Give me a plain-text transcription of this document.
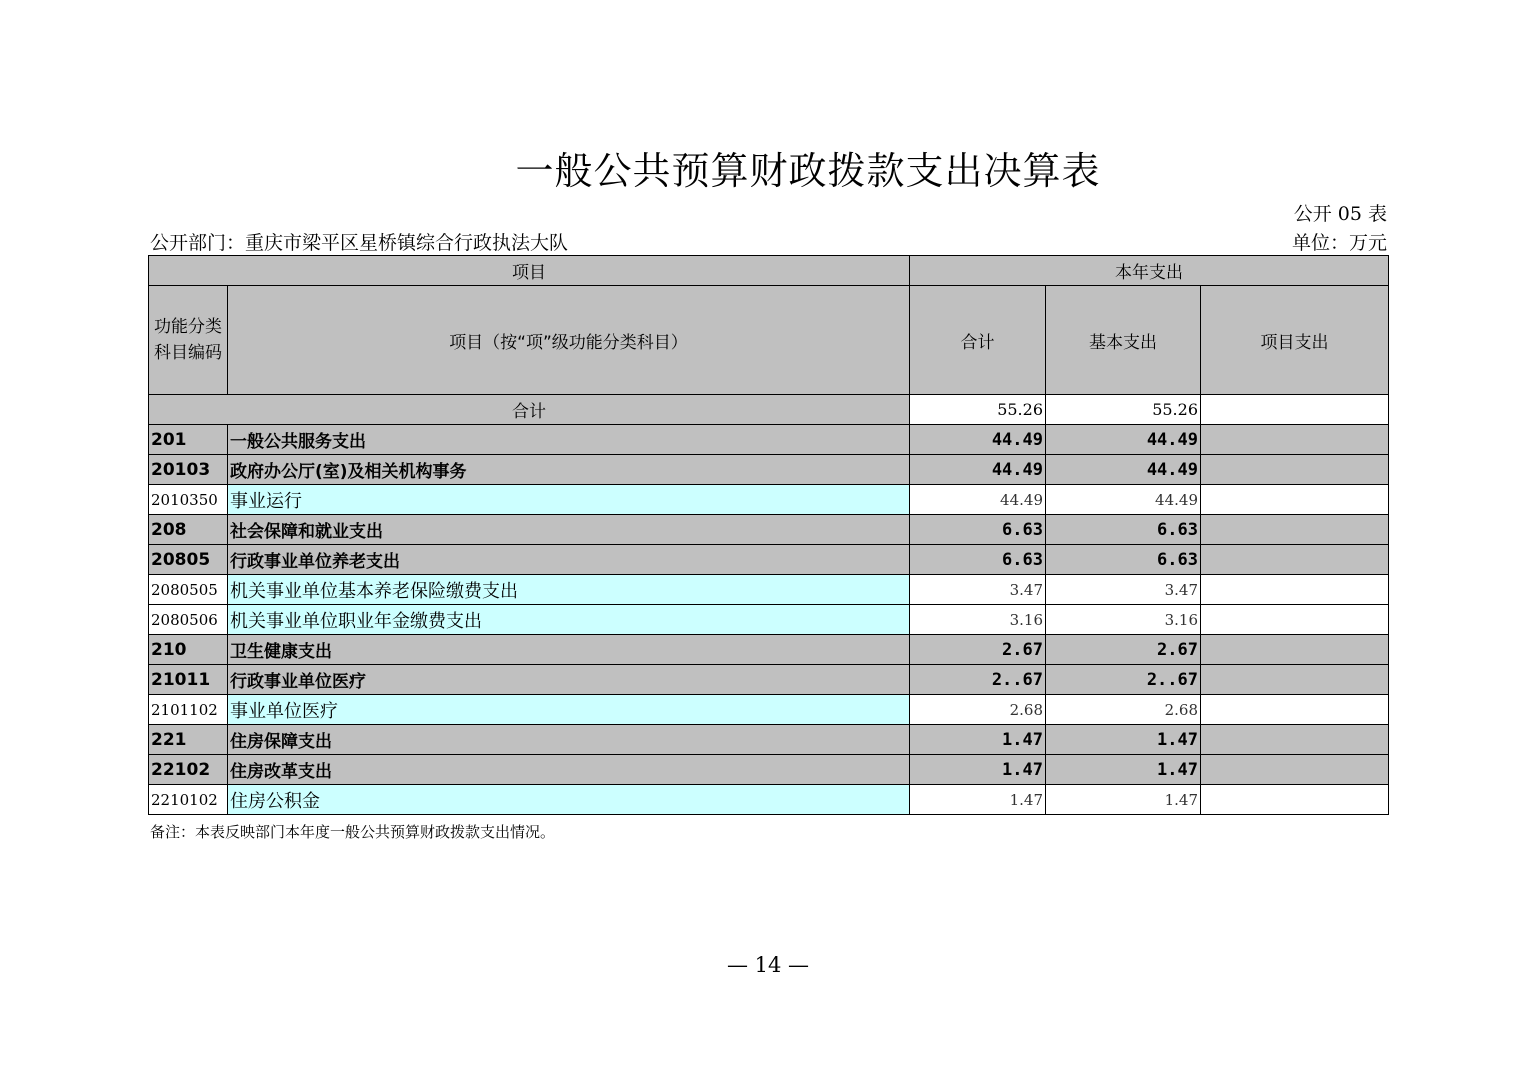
一般公共预算财政拨款支出决算表
公开 05 表
公开部门：重庆市梁平区星桥镇综合行政执法大队	单位：万元
项目		本年支出		
功能分类科目编码	项目（按“项”级功能分类科目）	合计	基本支出	项目支出
合计		55.26	55.26	
201	一般公共服务支出	44.49	44.49	
20103	政府办公厅(室)及相关机构事务	44.49	44.49	
2010350	事业运行	44.49	44.49	
208	社会保障和就业支出	6.63	6.63	
20805	行政事业单位养老支出	6.63	6.63	
2080505	机关事业单位基本养老保险缴费支出	3.47	3.47	
2080506	机关事业单位职业年金缴费支出	3.16	3.16	
210	卫生健康支出	2.67	2.67	
21011	行政事业单位医疗	2..67	2..67	
2101102	事业单位医疗	2.68	2.68	
221	住房保障支出	1.47	1.47	
22102	住房改革支出	1.47	1.47	
2210102	住房公积金	1.47	1.47	
备注：本表反映部门本年度一般公共预算财政拨款支出情况。
— 14 —
